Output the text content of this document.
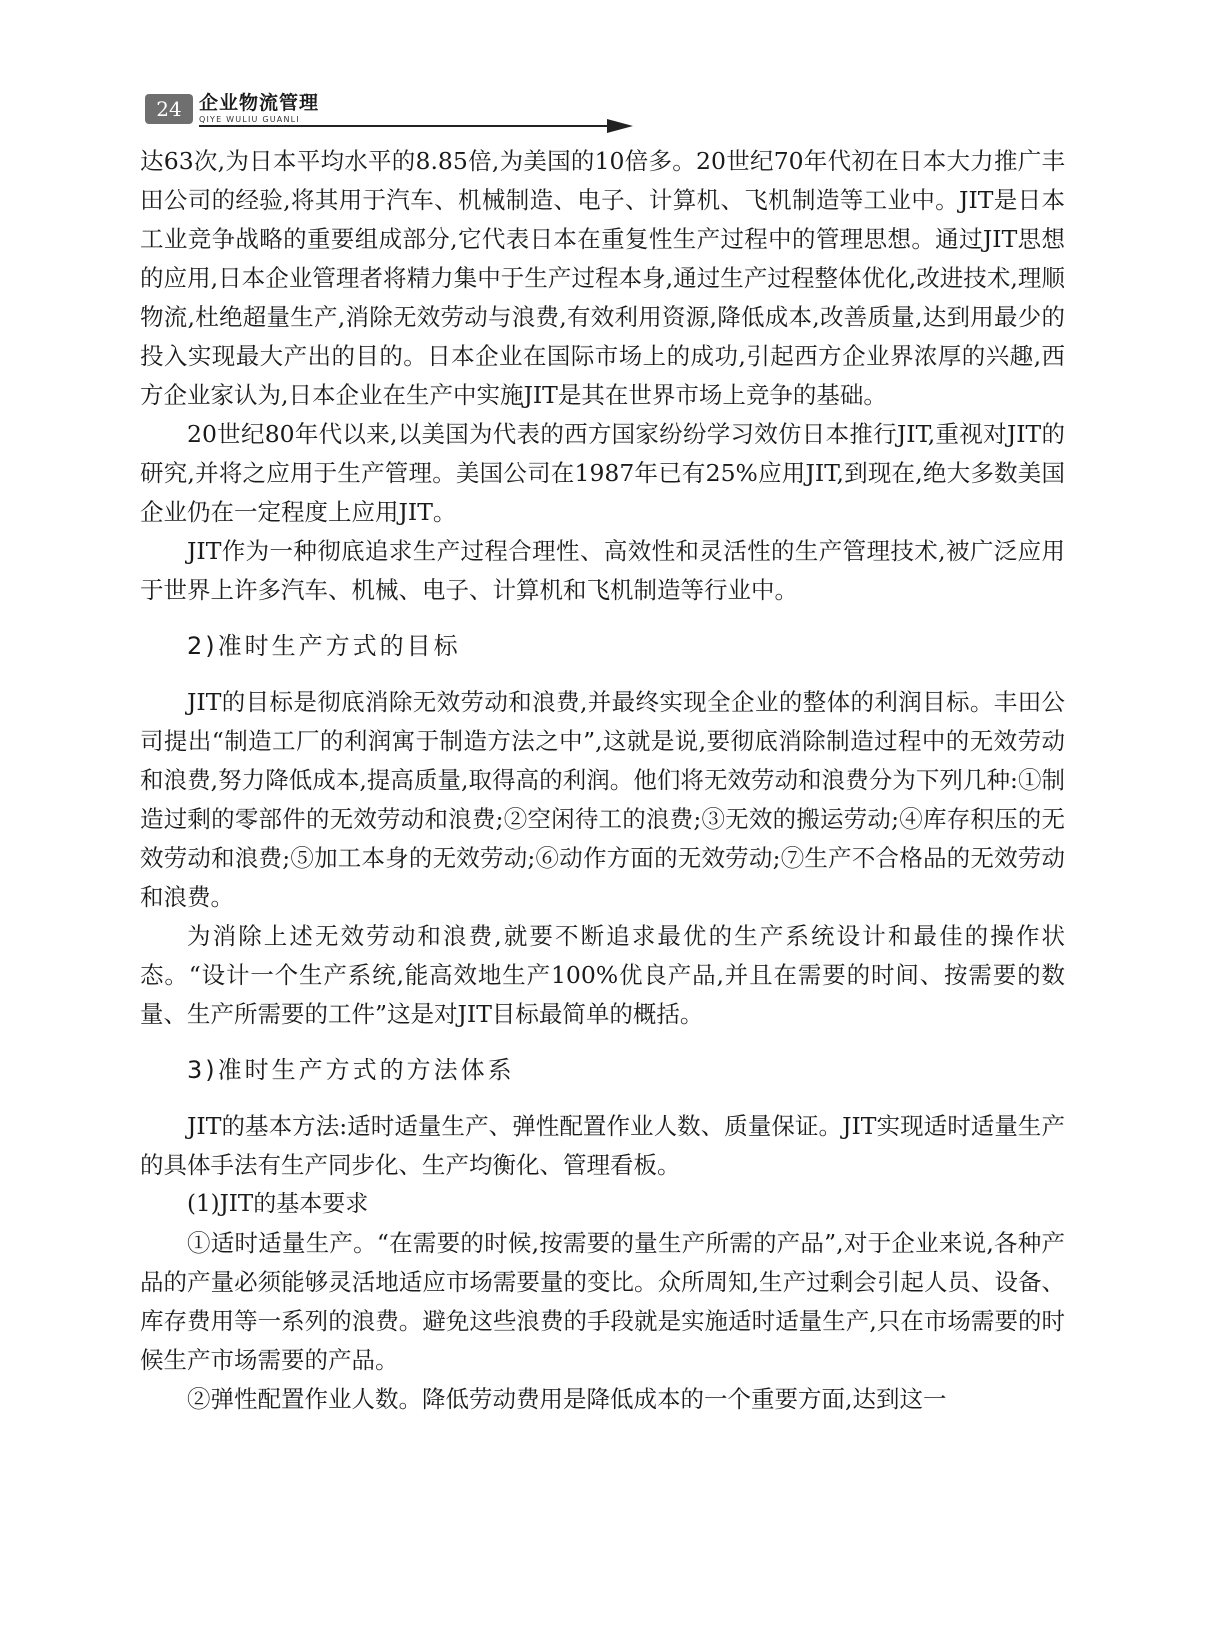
24 企业物流管理
QIYE WULIU GUANLI

达63次,为日本平均水平的8.85倍,为美国的10倍多。20世纪70年代初在日本大力推广丰田公司的经验,将其用于汽车、机械制造、电子、计算机、飞机制造等工业中。JIT是日本工业竞争战略的重要组成部分,它代表日本在重复性生产过程中的管理思想。通过JIT思想的应用,日本企业管理者将精力集中于生产过程本身,通过生产过程整体优化,改进技术,理顺物流,杜绝超量生产,消除无效劳动与浪费,有效利用资源,降低成本,改善质量,达到用最少的投入实现最大产出的目的。日本企业在国际市场上的成功,引起西方企业界浓厚的兴趣,西方企业家认为,日本企业在生产中实施JIT是其在世界市场上竞争的基础。

20世纪80年代以来,以美国为代表的西方国家纷纷学习效仿日本推行JIT,重视对JIT的研究,并将之应用于生产管理。美国公司在1987年已有25%应用JIT,到现在,绝大多数美国企业仍在一定程度上应用JIT。

JIT作为一种彻底追求生产过程合理性、高效性和灵活性的生产管理技术,被广泛应用于世界上许多汽车、机械、电子、计算机和飞机制造等行业中。

2)准时生产方式的目标

JIT的目标是彻底消除无效劳动和浪费,并最终实现全企业的整体的利润目标。丰田公司提出“制造工厂的利润寓于制造方法之中”,这就是说,要彻底消除制造过程中的无效劳动和浪费,努力降低成本,提高质量,取得高的利润。他们将无效劳动和浪费分为下列几种:①制造过剩的零部件的无效劳动和浪费;②空闲待工的浪费;③无效的搬运劳动;④库存积压的无效劳动和浪费;⑤加工本身的无效劳动;⑥动作方面的无效劳动;⑦生产不合格品的无效劳动和浪费。

为消除上述无效劳动和浪费,就要不断追求最优的生产系统设计和最佳的操作状态。“设计一个生产系统,能高效地生产100%优良产品,并且在需要的时间、按需要的数量、生产所需要的工件”这是对JIT目标最简单的概括。

3)准时生产方式的方法体系

JIT的基本方法:适时适量生产、弹性配置作业人数、质量保证。JIT实现适时适量生产的具体手法有生产同步化、生产均衡化、管理看板。

(1)JIT的基本要求

①适时适量生产。“在需要的时候,按需要的量生产所需的产品”,对于企业来说,各种产品的产量必须能够灵活地适应市场需要量的变比。众所周知,生产过剩会引起人员、设备、库存费用等一系列的浪费。避免这些浪费的手段就是实施适时适量生产,只在市场需要的时候生产市场需要的产品。

②弹性配置作业人数。降低劳动费用是降低成本的一个重要方面,达到这一
